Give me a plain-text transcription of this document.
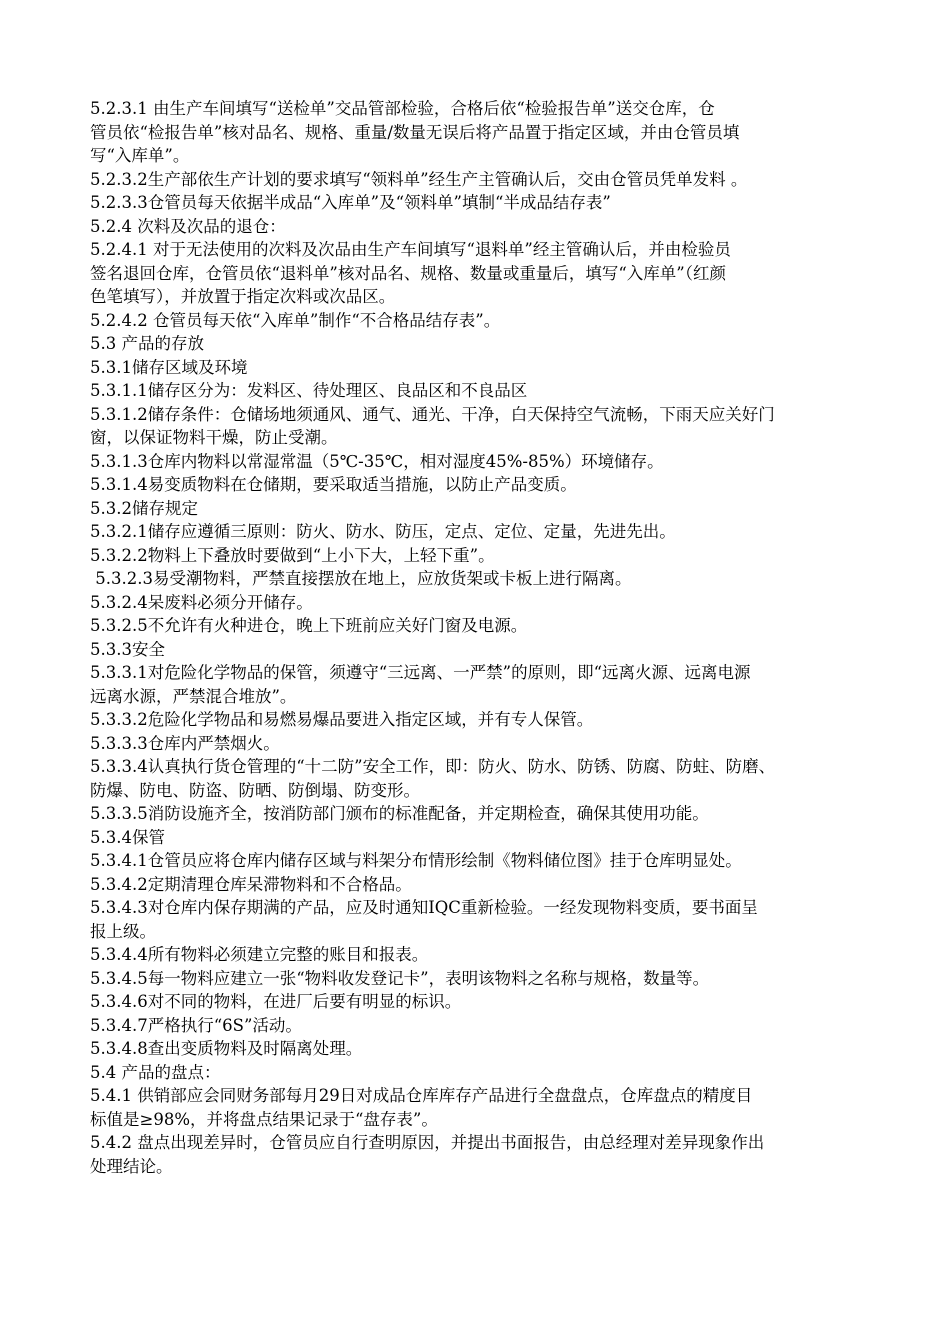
5.2.3.1 由生产车间填写“送检单”交品管部检验，合格后依“检验报告单”送交仓库，仓
管员依“检报告单”核对品名、规格、重量/数量无误后将产品置于指定区域，并由仓管员填
写“入库单”。
5.2.3.2生产部依生产计划的要求填写“领料单”经生产主管确认后，交由仓管员凭单发料 。
5.2.3.3仓管员每天依据半成品“入库单”及“领料单”填制“半成品结存表”
5.2.4 次料及次品的退仓：
5.2.4.1 对于无法使用的次料及次品由生产车间填写“退料单”经主管确认后，并由检验员
签名退回仓库，仓管员依“退料单”核对品名、规格、数量或重量后，填写“入库单”（红颜
色笔填写），并放置于指定次料或次品区。
5.2.4.2 仓管员每天依“入库单”制作“不合格品结存表”。
5.3 产品的存放
5.3.1储存区域及环境
5.3.1.1储存区分为：发料区、待处理区、良品区和不良品区
5.3.1.2储存条件：仓储场地须通风、通气、通光、干净，白天保持空气流畅，下雨天应关好门
窗，以保证物料干燥，防止受潮。
5.3.1.3仓库内物料以常湿常温（5℃-35℃，相对湿度45%-85%）环境储存。
5.3.1.4易变质物料在仓储期，要采取适当措施，以防止产品变质。
5.3.2储存规定
5.3.2.1储存应遵循三原则：防火、防水、防压，定点、定位、定量，先进先出。
5.3.2.2物料上下叠放时要做到“上小下大，上轻下重”。
5.3.2.3易受潮物料，严禁直接摆放在地上，应放货架或卡板上进行隔离。
5.3.2.4呆废料必须分开储存。
5.3.2.5不允许有火种进仓，晚上下班前应关好门窗及电源。
5.3.3安全
5.3.3.1对危险化学物品的保管，须遵守“三远离、一严禁”的原则，即“远离火源、远离电源
远离水源，严禁混合堆放”。
5.3.3.2危险化学物品和易燃易爆品要进入指定区域，并有专人保管。
5.3.3.3仓库内严禁烟火。
5.3.3.4认真执行货仓管理的“十二防”安全工作，即：防火、防水、防锈、防腐、防蛀、防磨、
防爆、防电、防盗、防晒、防倒塌、防变形。
5.3.3.5消防设施齐全，按消防部门颁布的标准配备，并定期检查，确保其使用功能。
5.3.4保管
5.3.4.1仓管员应将仓库内储存区域与料架分布情形绘制《物料储位图》挂于仓库明显处。
5.3.4.2定期清理仓库呆滞物料和不合格品。
5.3.4.3对仓库内保存期满的产品，应及时通知IQC重新检验。一经发现物料变质，要书面呈
报上级。
5.3.4.4所有物料必须建立完整的账目和报表。
5.3.4.5每一物料应建立一张“物料收发登记卡”，表明该物料之名称与规格，数量等。
5.3.4.6对不同的物料，在进厂后要有明显的标识。
5.3.4.7严格执行“6S”活动。
5.3.4.8查出变质物料及时隔离处理。
5.4 产品的盘点：
5.4.1 供销部应会同财务部每月29日对成品仓库库存产品进行全盘盘点，仓库盘点的精度目
标值是≥98%，并将盘点结果记录于“盘存表”。
5.4.2 盘点出现差异时，仓管员应自行查明原因，并提出书面报告，由总经理对差异现象作出
处理结论。
